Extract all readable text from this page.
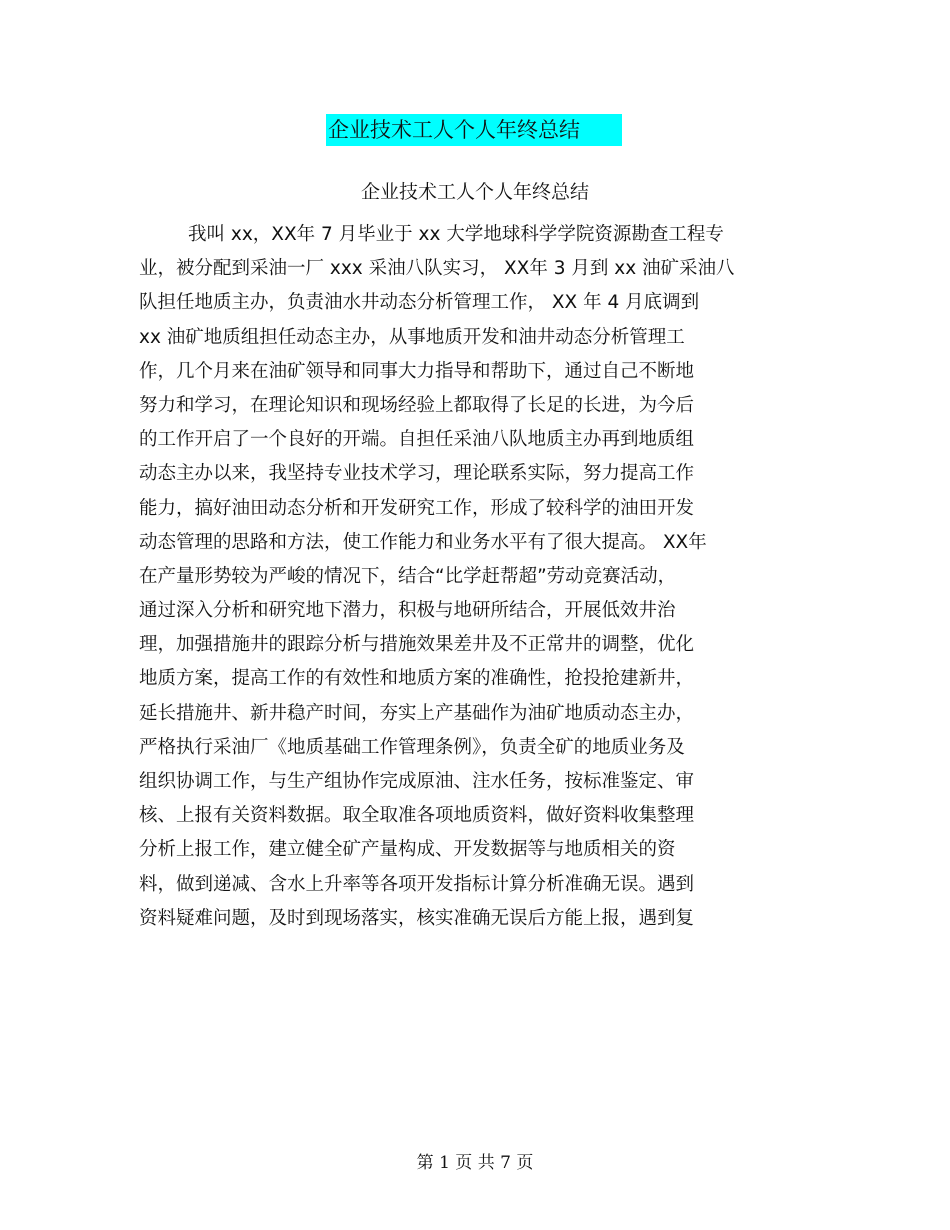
企业技术工人个人年终总结
企业技术工人个人年终总结
我叫 xx，XX年 7 月毕业于 xx 大学地球科学学院资源勘查工程专
业，被分配到采油一厂 xxx 采油八队实习， XX年 3 月到 xx 油矿采油八
队担任地质主办，负责油水井动态分析管理工作， XX 年 4 月底调到
xx 油矿地质组担任动态主办，从事地质开发和油井动态分析管理工
作，几个月来在油矿领导和同事大力指导和帮助下，通过自己不断地
努力和学习，在理论知识和现场经验上都取得了长足的长进，为今后
的工作开启了一个良好的开端。自担任采油八队地质主办再到地质组
动态主办以来，我坚持专业技术学习，理论联系实际，努力提高工作
能力，搞好油田动态分析和开发研究工作，形成了较科学的油田开发
动态管理的思路和方法，使工作能力和业务水平有了很大提高。 XX年
在产量形势较为严峻的情况下，结合“比学赶帮超”劳动竞赛活动，
通过深入分析和研究地下潜力，积极与地研所结合，开展低效井治
理，加强措施井的跟踪分析与措施效果差井及不正常井的调整，优化
地质方案，提高工作的有效性和地质方案的准确性，抢投抢建新井，
延长措施井、新井稳产时间，夯实上产基础作为油矿地质动态主办，
严格执行采油厂《地质基础工作管理条例》，负责全矿的地质业务及
组织协调工作，与生产组协作完成原油、注水任务，按标准鉴定、审
核、上报有关资料数据。取全取准各项地质资料，做好资料收集整理
分析上报工作，建立健全矿产量构成、开发数据等与地质相关的资
料，做到递减、含水上升率等各项开发指标计算分析准确无误。遇到
资料疑难问题，及时到现场落实，核实准确无误后方能上报，遇到复
第 1 页 共 7 页
